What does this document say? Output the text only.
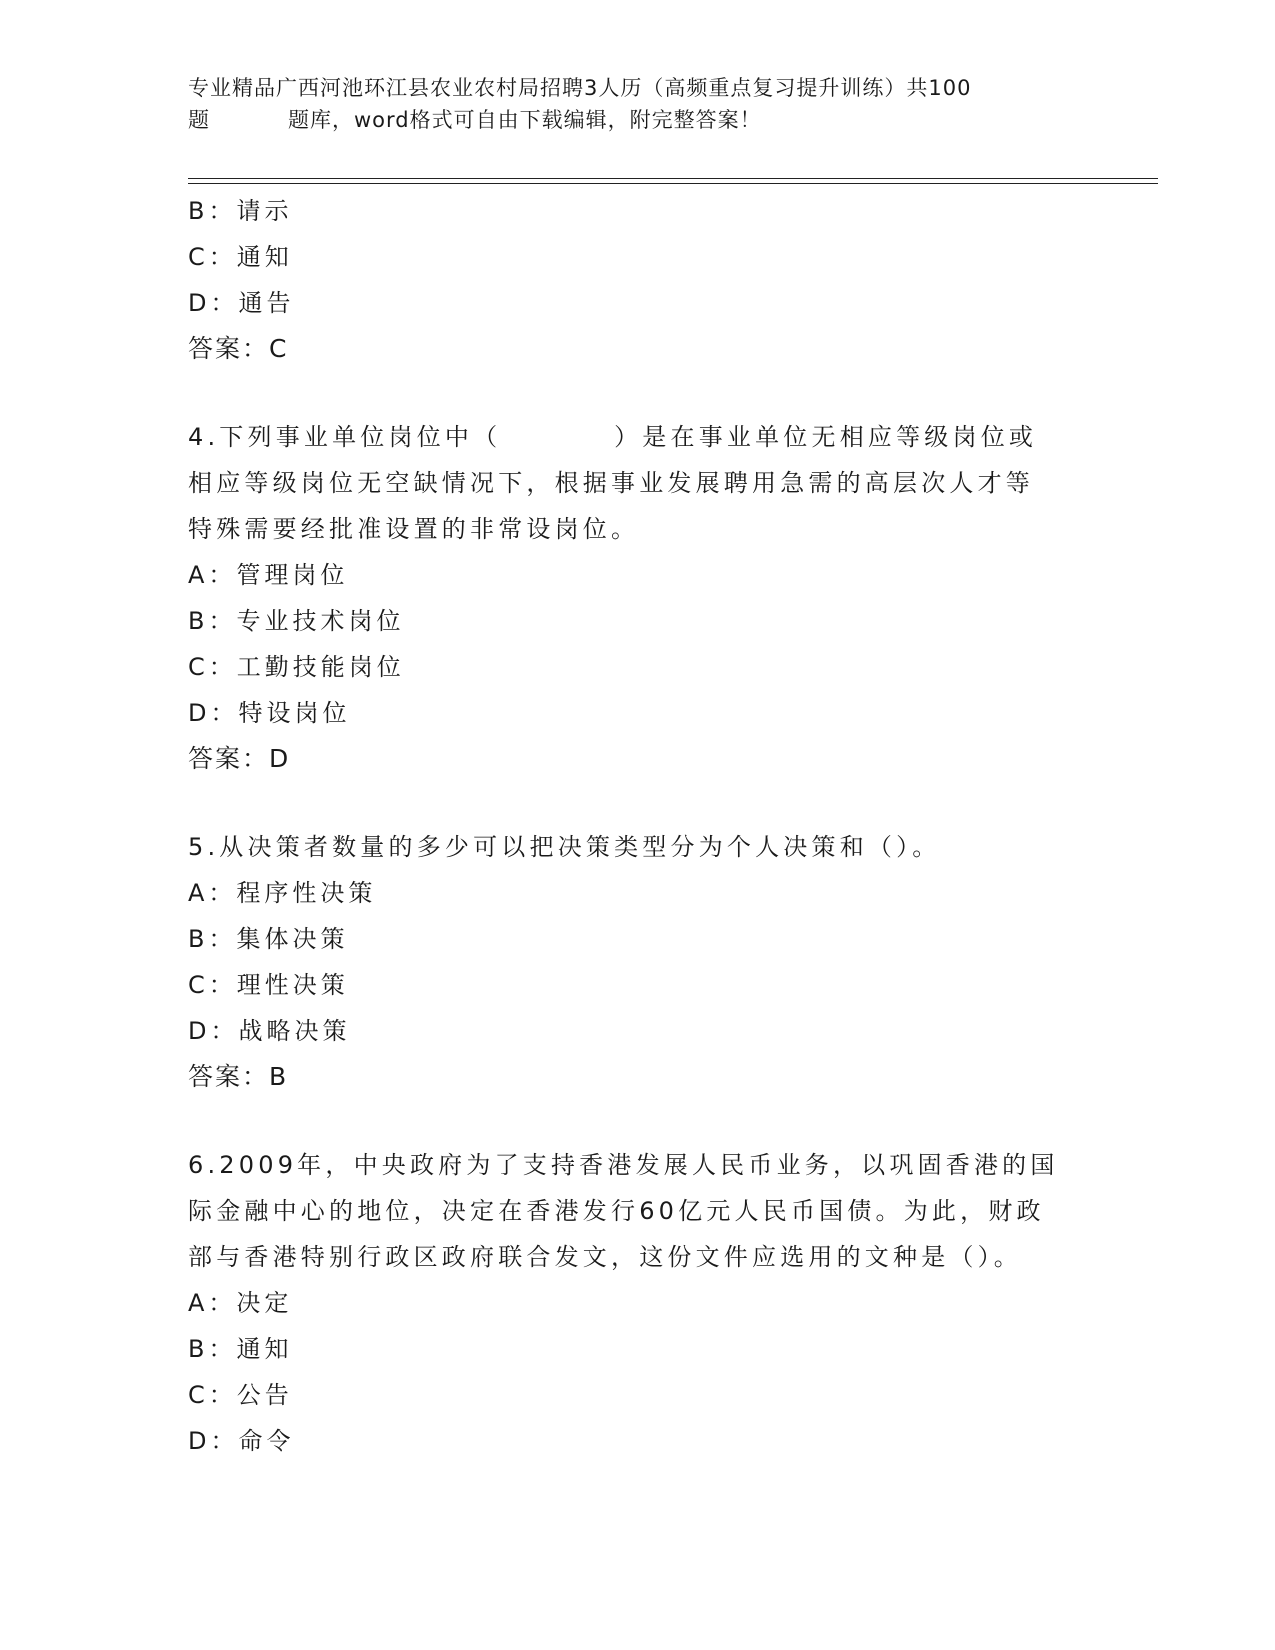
专业精品广西河池环江县农业农村局招聘3人历（高频重点复习提升训练）共100
题	题库，word格式可自由下载编辑，附完整答案！
B：请示
C：通知
D：通告
答案：C
4.下列事业单位岗位中（　　　　）是在事业单位无相应等级岗位或
相应等级岗位无空缺情况下，根据事业发展聘用急需的高层次人才等
特殊需要经批准设置的非常设岗位。
A：管理岗位
B：专业技术岗位
C：工勤技能岗位
D：特设岗位
答案：D
5.从决策者数量的多少可以把决策类型分为个人决策和（）。
A：程序性决策
B：集体决策
C：理性决策
D：战略决策
答案：B
6.2009年，中央政府为了支持香港发展人民币业务，以巩固香港的国
际金融中心的地位，决定在香港发行60亿元人民币国债。为此，财政
部与香港特别行政区政府联合发文，这份文件应选用的文种是（）。
A：决定
B：通知
C：公告
D：命令
